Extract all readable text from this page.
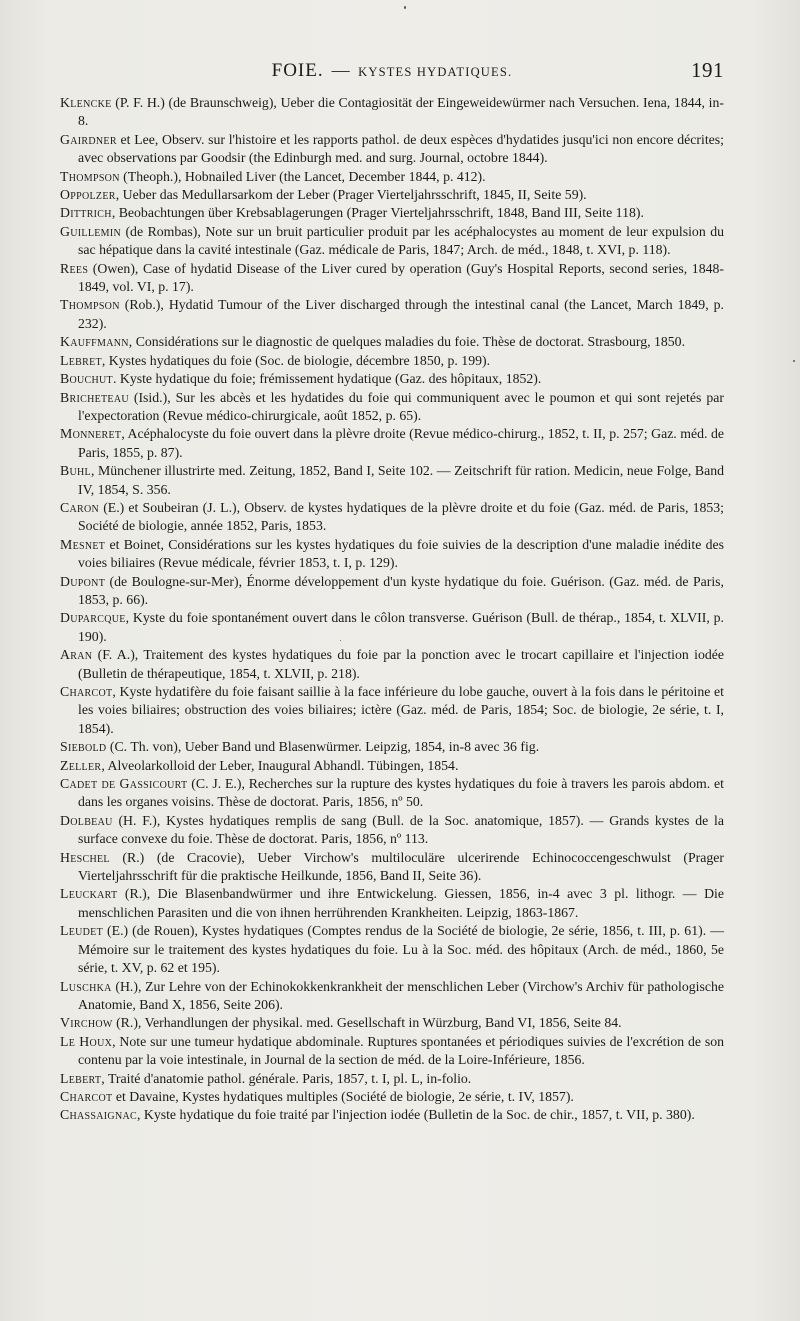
FOIE. — KYSTES HYDATIQUES.	191
Klencke (P. F. H.) (de Braunschweig), Ueber die Contagiosität der Eingeweidewürmer nach Versuchen. Iena, 1844, in-8.
Gairdner et Lee, Observ. sur l'histoire et les rapports pathol. de deux espèces d'hydatides jusqu'ici non encore décrites; avec observations par Goodsir (the Edinburgh med. and surg. Journal, octobre 1844).
Thompson (Theoph.), Hobnailed Liver (the Lancet, December 1844, p. 412).
Oppolzer, Ueber das Medullarsarkom der Leber (Prager Vierteljahrsschrift, 1845, II, Seite 59).
Dittrich, Beobachtungen über Krebsablagerungen (Prager Vierteljahrsschrift, 1848, Band III, Seite 118).
Guillemin (de Rombas), Note sur un bruit particulier produit par les acéphalocystes au moment de leur expulsion du sac hépatique dans la cavité intestinale (Gaz. médicale de Paris, 1847; Arch. de méd., 1848, t. XVI, p. 118).
Rees (Owen), Case of hydatid Disease of the Liver cured by operation (Guy's Hospital Reports, second series, 1848-1849, vol. VI, p. 17).
Thompson (Rob.), Hydatid Tumour of the Liver discharged through the intestinal canal (the Lancet, March 1849, p. 232).
Kauffmann, Considérations sur le diagnostic de quelques maladies du foie. Thèse de doctorat. Strasbourg, 1850.
Lebret, Kystes hydatiques du foie (Soc. de biologie, décembre 1850, p. 199).
Bouchut. Kyste hydatique du foie; frémissement hydatique (Gaz. des hôpitaux, 1852).
Bricheteau (Isid.), Sur les abcès et les hydatides du foie qui communiquent avec le poumon et qui sont rejetés par l'expectoration (Revue médico-chirurgicale, août 1852, p. 65).
Monneret, Acéphalocyste du foie ouvert dans la plèvre droite (Revue médico-chirurg., 1852, t. II, p. 257; Gaz. méd. de Paris, 1855, p. 87).
Buhl, Münchener illustrirte med. Zeitung, 1852, Band I, Seite 102. — Zeitschrift für ration. Medicin, neue Folge, Band IV, 1854, S. 356.
Caron (E.) et Soubeiran (J. L.), Observ. de kystes hydatiques de la plèvre droite et du foie (Gaz. méd. de Paris, 1853; Société de biologie, année 1852, Paris, 1853.
Mesnet et Boinet, Considérations sur les kystes hydatiques du foie suivies de la description d'une maladie inédite des voies biliaires (Revue médicale, février 1853, t. I, p. 129).
Dupont (de Boulogne-sur-Mer), Énorme développement d'un kyste hydatique du foie. Guérison. (Gaz. méd. de Paris, 1853, p. 66).
Duparcque, Kyste du foie spontanément ouvert dans le côlon transverse. Guérison (Bull. de thérap., 1854, t. XLVII, p. 190).
Aran (F. A.), Traitement des kystes hydatiques du foie par la ponction avec le trocart capillaire et l'injection iodée (Bulletin de thérapeutique, 1854, t. XLVII, p. 218).
Charcot, Kyste hydatifère du foie faisant saillie à la face inférieure du lobe gauche, ouvert à la fois dans le péritoine et les voies biliaires; obstruction des voies biliaires; ictère (Gaz. méd. de Paris, 1854; Soc. de biologie, 2e série, t. I, 1854).
Siebold (C. Th. von), Ueber Band und Blasenwürmer. Leipzig, 1854, in-8 avec 36 fig.
Zeller, Alveolarkolloid der Leber, Inaugural Abhandl. Tübingen, 1854.
Cadet de Gassicourt (C. J. E.), Recherches sur la rupture des kystes hydatiques du foie à travers les parois abdom. et dans les organes voisins. Thèse de doctorat. Paris, 1856, nº 50.
Dolbeau (H. F.), Kystes hydatiques remplis de sang (Bull. de la Soc. anatomique, 1857). — Grands kystes de la surface convexe du foie. Thèse de doctorat. Paris, 1856, nº 113.
Heschel (R.) (de Cracovie), Ueber Virchow's multiloculäre ulcerirende Echinococcengeschwulst (Prager Vierteljahrsschrift für die praktische Heilkunde, 1856, Band II, Seite 36).
Leuckart (R.), Die Blasenbandwürmer und ihre Entwickelung. Giessen, 1856, in-4 avec 3 pl. lithogr. — Die menschlichen Parasiten und die von ihnen herrührenden Krankheiten. Leipzig, 1863-1867.
Leudet (E.) (de Rouen), Kystes hydatiques (Comptes rendus de la Société de biologie, 2e série, 1856, t. III, p. 61). — Mémoire sur le traitement des kystes hydatiques du foie. Lu à la Soc. méd. des hôpitaux (Arch. de méd., 1860, 5e série, t. XV, p. 62 et 195).
Luschka (H.), Zur Lehre von der Echinokokkenkrankheit der menschlichen Leber (Virchow's Archiv für pathologische Anatomie, Band X, 1856, Seite 206).
Virchow (R.), Verhandlungen der physikal. med. Gesellschaft in Würzburg, Band VI, 1856, Seite 84.
Le Houx, Note sur une tumeur hydatique abdominale. Ruptures spontanées et périodiques suivies de l'excrétion de son contenu par la voie intestinale, in Journal de la section de méd. de la Loire-Inférieure, 1856.
Lebert, Traité d'anatomie pathol. générale. Paris, 1857, t. I, pl. L, in-folio.
Charcot et Davaine, Kystes hydatiques multiples (Société de biologie, 2e série, t. IV, 1857).
Chassaignac, Kyste hydatique du foie traité par l'injection iodée (Bulletin de la Soc. de chir., 1857, t. VII, p. 380).
